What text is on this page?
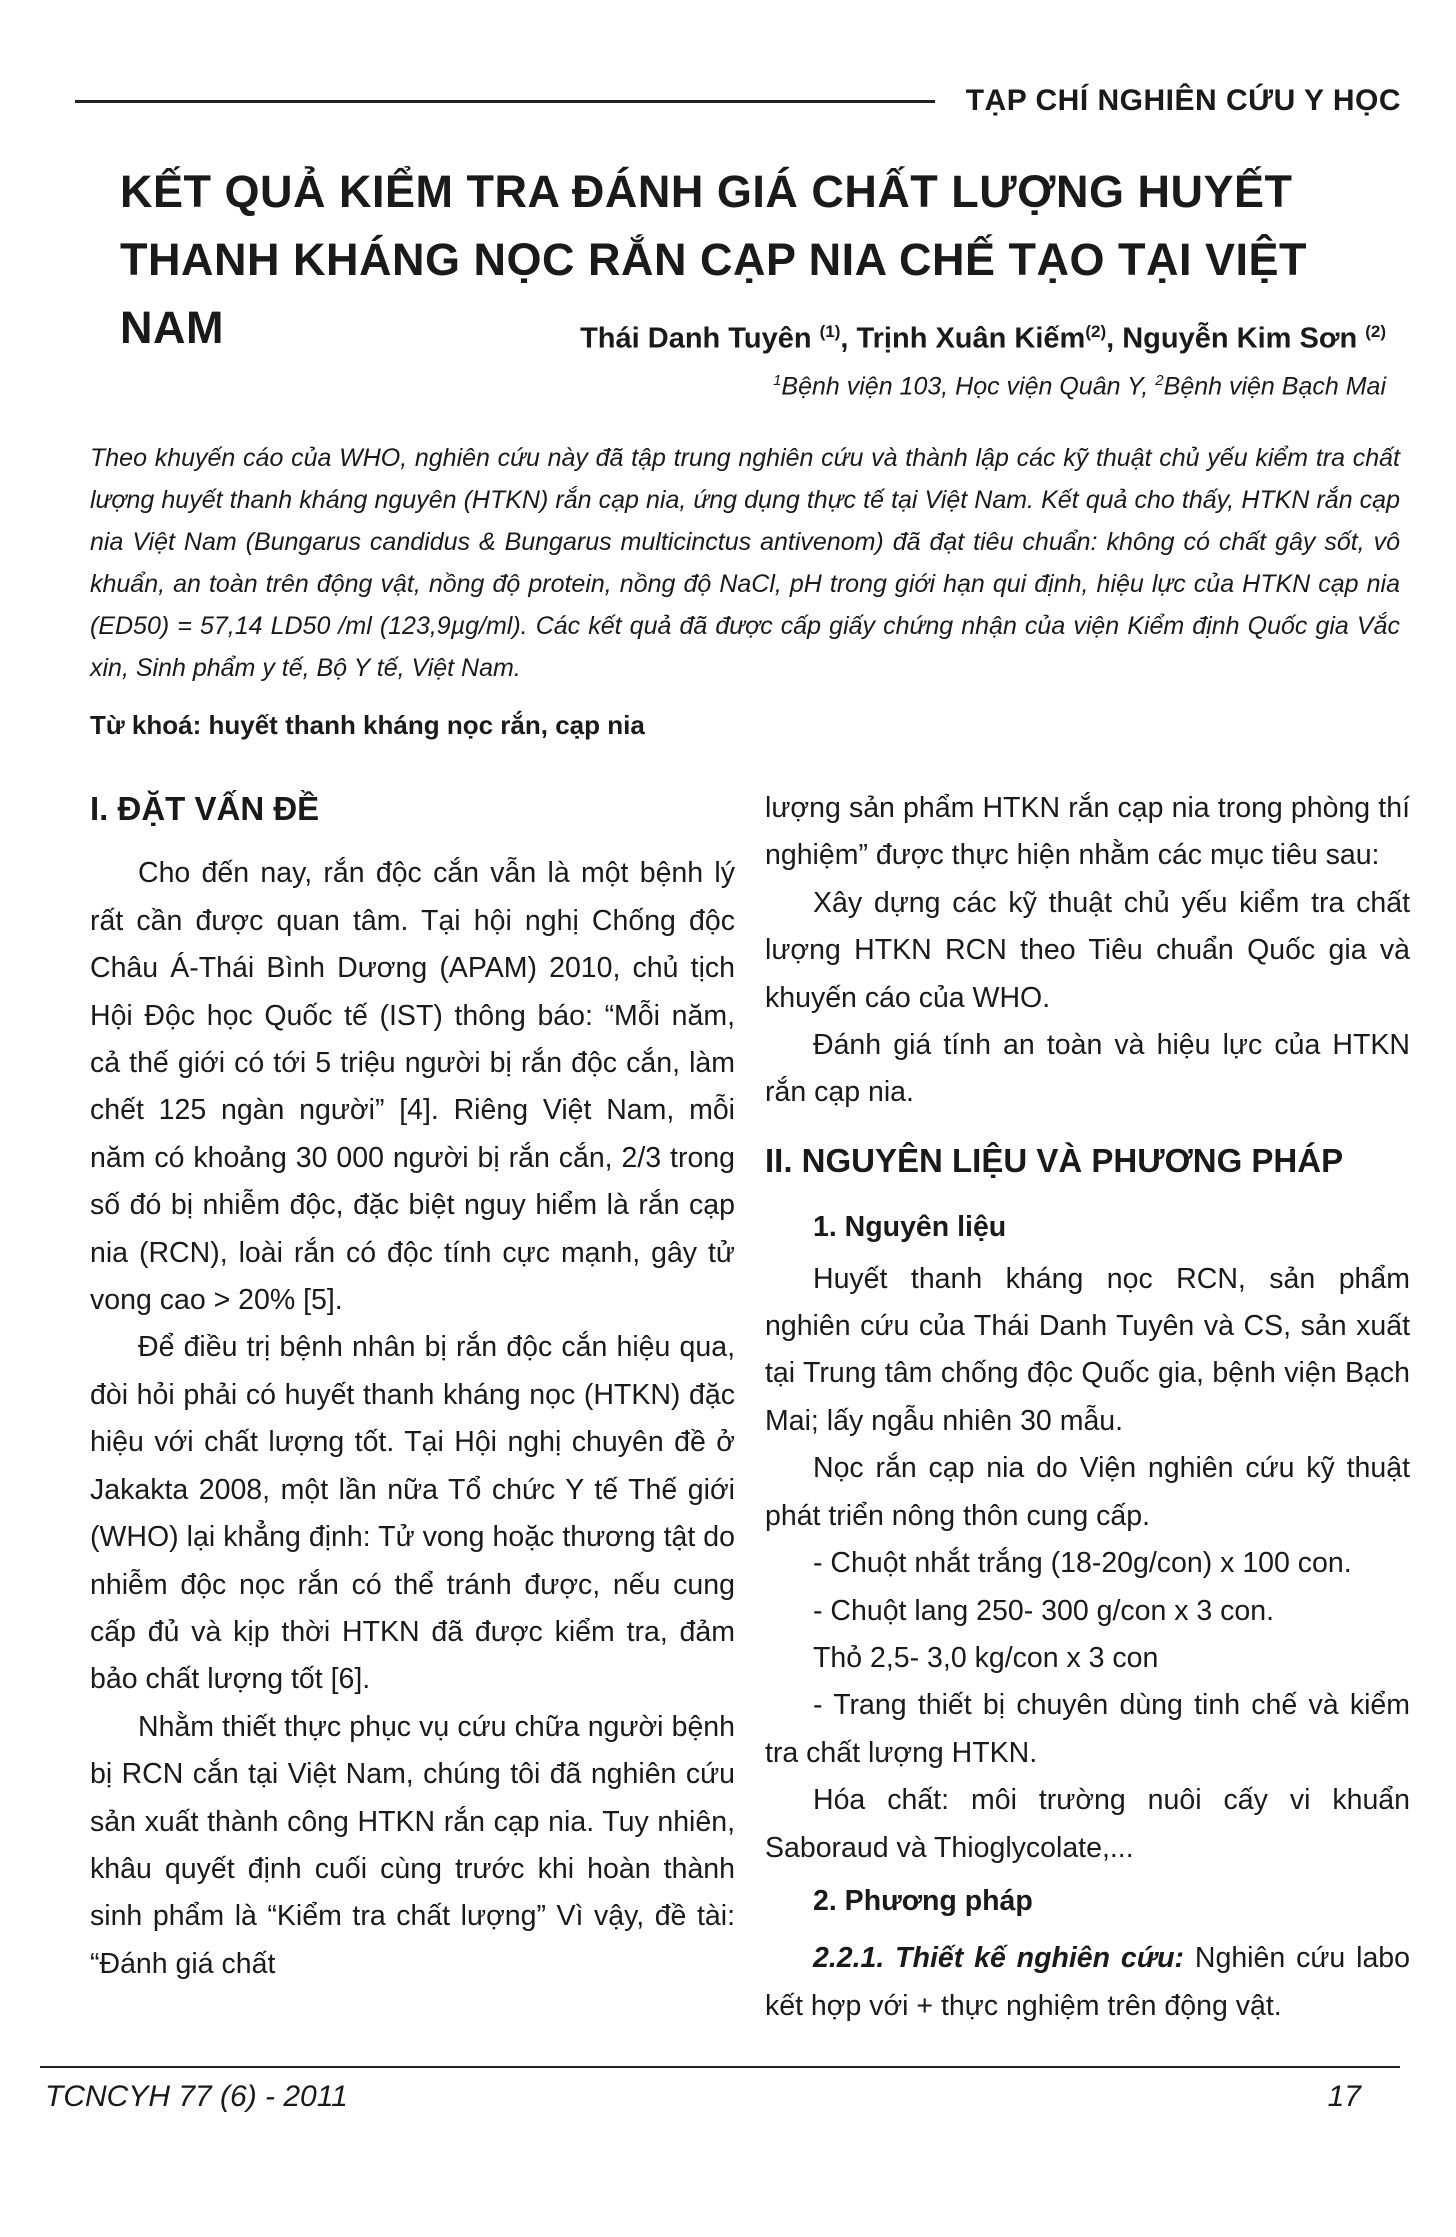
TẠP CHÍ NGHIÊN CỨU Y HỌC
KẾT QUẢ KIỂM TRA ĐÁNH GIÁ CHẤT LƯỢNG HUYẾT THANH KHÁNG NỌC RẮN CẠP NIA CHẾ TẠO TẠI VIỆT NAM	Thái Danh Tuyên $^{(1)}$, Trịnh Xuân Kiếm$^{(2)}$, Nguyễn Kim Sơn $^{(2)}$
$^1$Bệnh viện 103, Học viện Quân Y, $^2$Bệnh viện Bạch Mai
Theo khuyến cáo của WHO, nghiên cứu này đã tập trung nghiên cứu và thành lập các kỹ thuật chủ yếu kiểm tra chất lượng huyết thanh kháng nguyên (HTKN) rắn cạp nia, ứng dụng thực tế tại Việt Nam. Kết quả cho thấy, HTKN rắn cạp nia Việt Nam (Bungarus candidus & Bungarus multicinctus antivenom) đã đạt tiêu chuẩn: không có chất gây sốt, vô khuẩn, an toàn trên động vật, nồng độ protein, nồng độ NaCl, pH trong giới hạn qui định, hiệu lực của HTKN cạp nia (ED50) = 57,14 LD50 /ml (123,9µg/ml). Các kết quả đã được cấp giấy chứng nhận của viện Kiểm định Quốc gia Vắc xin, Sinh phẩm y tế, Bộ Y tế, Việt Nam.
Từ khoá: huyết thanh kháng nọc rắn, cạp nia

I. ĐẶT VẤN ĐỀ

Cho đến nay, rắn độc cắn vẫn là một bệnh lý rất cần được quan tâm. Tại hội nghị Chống độc Châu Á-Thái Bình Dương (APAM) 2010, chủ tịch Hội Độc học Quốc tế (IST) thông báo: “Mỗi năm, cả thế giới có tới 5 triệu người bị rắn độc cắn, làm chết 125 ngàn người” [4]. Riêng Việt Nam, mỗi năm có khoảng 30 000 người bị rắn cắn, 2/3 trong số đó bị nhiễm độc, đặc biệt nguy hiểm là rắn cạp nia (RCN), loài rắn có độc tính cực mạnh, gây tử vong cao > 20% [5].

Để điều trị bệnh nhân bị rắn độc cắn hiệu qua, đòi hỏi phải có huyết thanh kháng nọc (HTKN) đặc hiệu với chất lượng tốt. Tại Hội nghị chuyên đề ở Jakakta 2008, một lần nữa Tổ chức Y tế Thế giới (WHO) lại khẳng định: Tử vong hoặc thương tật do nhiễm độc nọc rắn có thể tránh được, nếu cung cấp đủ và kịp thời HTKN đã được kiểm tra, đảm bảo chất lượng tốt [6].

Nhằm thiết thực phục vụ cứu chữa người bệnh bị RCN cắn tại Việt Nam, chúng tôi đã nghiên cứu sản xuất thành công HTKN rắn cạp nia. Tuy nhiên, khâu quyết định cuối cùng trước khi hoàn thành sinh phẩm là “Kiểm tra chất lượng” Vì vậy, đề tài: “Đánh giá chất

lượng sản phẩm HTKN rắn cạp nia trong phòng thí nghiệm” được thực hiện nhằm các mục tiêu sau:

Xây dựng các kỹ thuật chủ yếu kiểm tra chất lượng HTKN RCN theo Tiêu chuẩn Quốc gia và khuyến cáo của WHO.

Đánh giá tính an toàn và hiệu lực của HTKN rắn cạp nia.

II. NGUYÊN LIỆU VÀ PHƯƠNG PHÁP

1. Nguyên liệu

Huyết thanh kháng nọc RCN, sản phẩm nghiên cứu của Thái Danh Tuyên và CS, sản xuất tại Trung tâm chống độc Quốc gia, bệnh viện Bạch Mai; lấy ngẫu nhiên 30 mẫu.

Nọc rắn cạp nia do Viện nghiên cứu kỹ thuật phát triển nông thôn cung cấp.

- Chuột nhắt trắng (18-20g/con) x 100 con.

- Chuột lang 250- 300 g/con x 3 con.

Thỏ 2,5- 3,0 kg/con x 3 con

- Trang thiết bị chuyên dùng tinh chế và kiểm tra chất lượng HTKN.

Hóa chất: môi trường nuôi cấy vi khuẩn Saboraud và Thioglycolate,...

2. Phương pháp

2.2.1. Thiết kế nghiên cứu: Nghiên cứu labo kết hợp với + thực nghiệm trên động vật.

TCNCYH 77 (6) - 2011	17
